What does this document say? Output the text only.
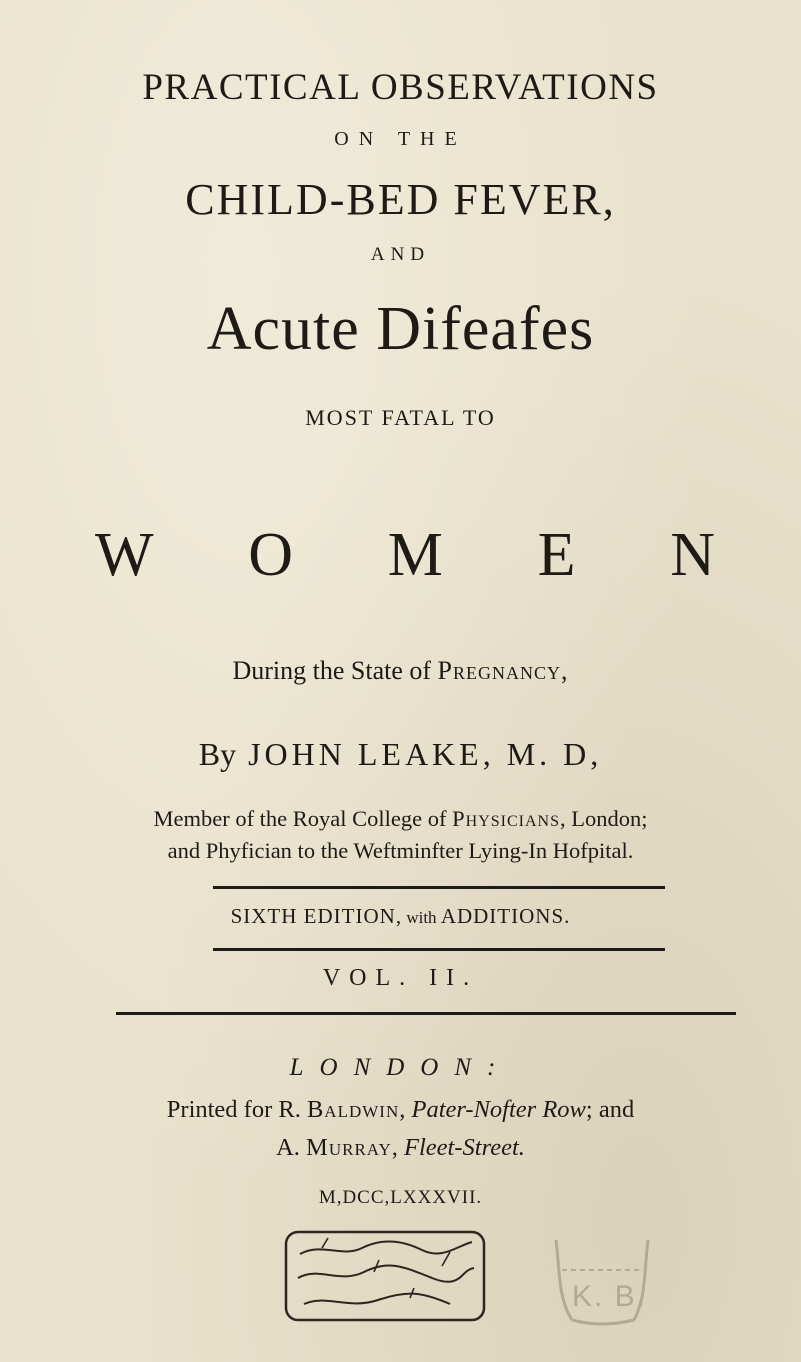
PRACTICAL OBSERVATIONS
ON THE
CHILD-BED FEVER,
AND
Acute Difeafes
MOST FATAL TO
W O M E N
During the State of Pregnancy,
By JOHN LEAKE, M. D,
Member of the Royal College of Physicians, London;
and Phyfician to the Weftminfter Lying-In Hofpital.
SIXTH EDITION, with ADDITIONS.
VOL. II.
LONDON:
Printed for R. Baldwin, Pater-Nofter Row; and
A. Murray, Fleet-Street.
M,DCC,LXXXVII.
K. B.
